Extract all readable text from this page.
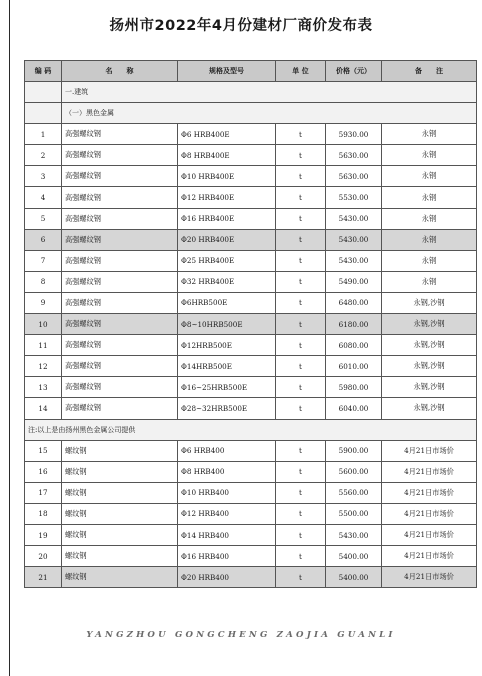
扬州市2022年4月份建材厂商价发布表
编 码	名　　称	规格及型号	单 位	价格（元）	备　　注
	一.建筑				
	（一）黑色金属				
1	高强螺纹钢	Φ6 HRB400E	t	5930.00	永钢
2	高强螺纹钢	Φ8 HRB400E	t	5630.00	永钢
3	高强螺纹钢	Φ10 HRB400E	t	5630.00	永钢
4	高强螺纹钢	Φ12 HRB400E	t	5530.00	永钢
5	高强螺纹钢	Φ16 HRB400E	t	5430.00	永钢
6	高强螺纹钢	Φ20 HRB400E	t	5430.00	永钢
7	高强螺纹钢	Φ25 HRB400E	t	5430.00	永钢
8	高强螺纹钢	Φ32 HRB400E	t	5490.00	永钢
9	高强螺纹钢	Φ6HRB500E	t	6480.00	永钢,沙钢
10	高强螺纹钢	Φ8~10HRB500E	t	6180.00	永钢,沙钢
11	高强螺纹钢	Φ12HRB500E	t	6080.00	永钢,沙钢
12	高强螺纹钢	Φ14HRB500E	t	6010.00	永钢,沙钢
13	高强螺纹钢	Φ16~25HRB500E	t	5980.00	永钢,沙钢
14	高强螺纹钢	Φ28~32HRB500E	t	6040.00	永钢,沙钢
注:以上是由扬州黑色金属公司提供					
15	螺纹钢	Φ6 HRB400	t	5900.00	4月21日市场价
16	螺纹钢	Φ8 HRB400	t	5600.00	4月21日市场价
17	螺纹钢	Φ10 HRB400	t	5560.00	4月21日市场价
18	螺纹钢	Φ12 HRB400	t	5500.00	4月21日市场价
19	螺纹钢	Φ14 HRB400	t	5430.00	4月21日市场价
20	螺纹钢	Φ16 HRB400	t	5400.00	4月21日市场价
21	螺纹钢	Φ20 HRB400	t	5400.00	4月21日市场价
YANGZHOU GONGCHENG ZAOJIA GUANLI
